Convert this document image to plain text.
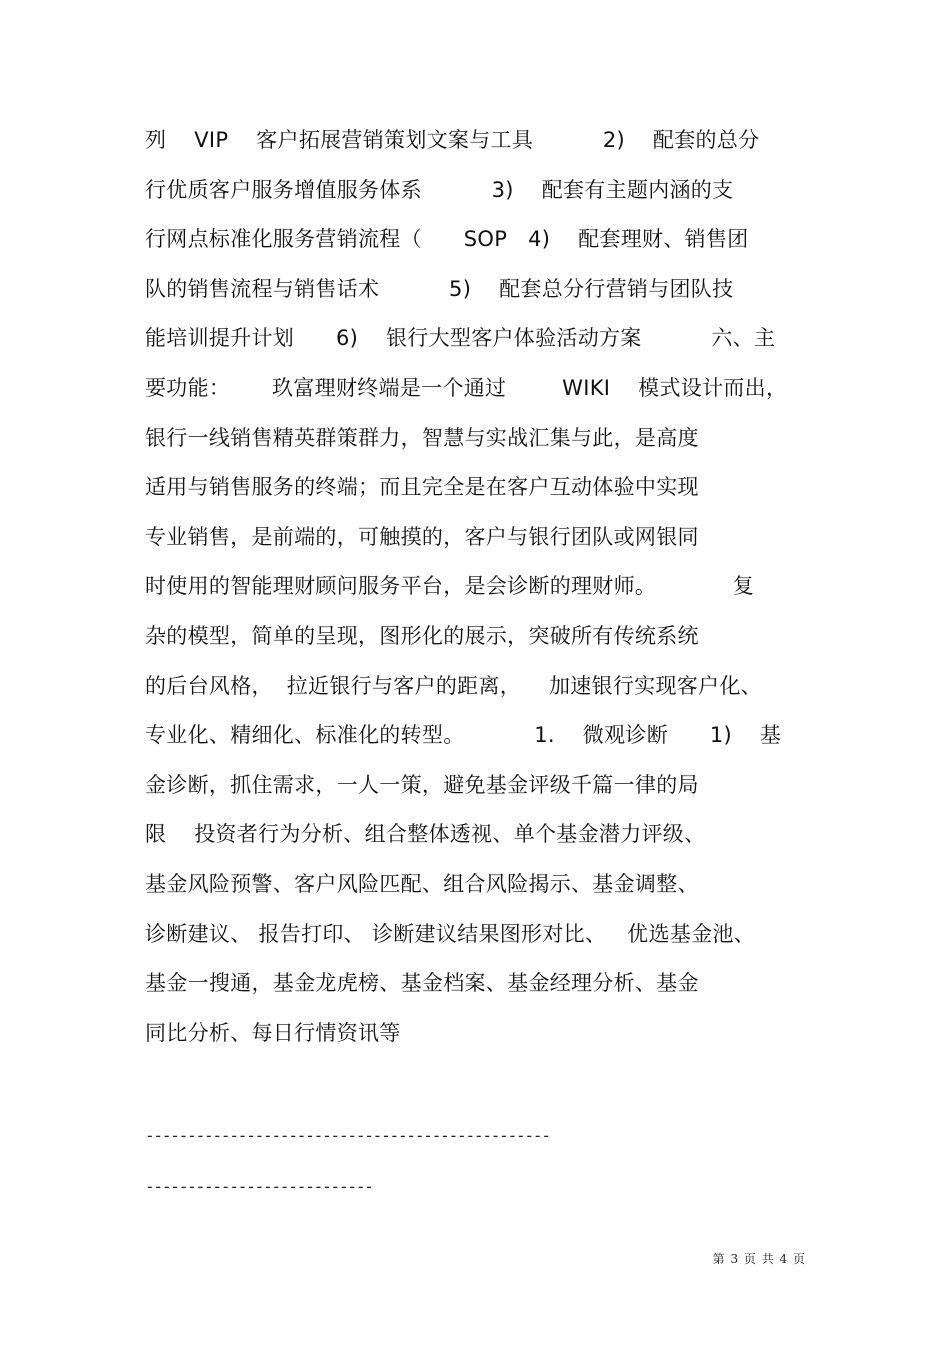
列    VIP    客户拓展营销策划文案与工具          2)    配套的总分
行优质客户服务增值服务体系          3)    配套有主题内涵的支
行网点标准化服务营销流程（      SOP   4)    配套理财、销售团
队的销售流程与销售话术          5)    配套总分行营销与团队技
能培训提升计划      6)    银行大型客户体验活动方案          六、主
要功能：      玖富理财终端是一个通过        WIKI    模式设计而出，
银行一线销售精英群策群力，智慧与实战汇集与此，是高度
适用与销售服务的终端；而且完全是在客户互动体验中实现
专业销售，是前端的，可触摸的，客户与银行团队或网银同
时使用的智能理财顾问服务平台，是会诊断的理财师。           复
杂的模型，简单的呈现，图形化的展示，突破所有传统系统
的后台风格，  拉近银行与客户的距离，    加速银行实现客户化、
专业化、精细化、标准化的转型。          1.    微观诊断      1)    基
金诊断，抓住需求，一人一策，避免基金评级千篇一律的局
限    投资者行为分析、组合整体透视、单个基金潜力评级、
基金风险预警、客户风险匹配、组合风险揭示、基金调整、
诊断建议、 报告打印、 诊断建议结果图形对比、   优选基金池、
基金一搜通，基金龙虎榜、基金档案、基金经理分析、基金
同比分析、每日行情资讯等
------------------------------------------------
---------------------------
第 3 页 共 4 页
